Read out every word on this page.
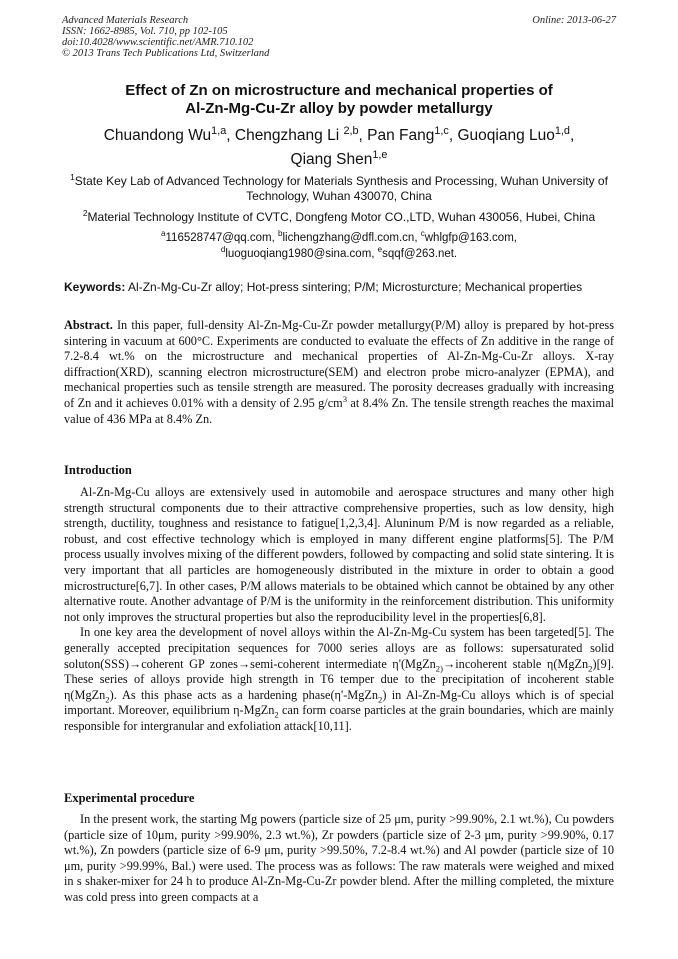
Advanced Materials Research
ISSN: 1662-8985, Vol. 710, pp 102-105
doi:10.4028/www.scientific.net/AMR.710.102
© 2013 Trans Tech Publications Ltd, Switzerland
Online: 2013-06-27
Effect of Zn on microstructure and mechanical properties of
Al-Zn-Mg-Cu-Zr alloy by powder metallurgy
Chuandong Wu$^{1,a}$, Chengzhang Li $^{2,b}$, Pan Fang$^{1,c}$, Guoqiang Luo$^{1,d}$,
Qiang Shen$^{1,e}$
$^1$State Key Lab of Advanced Technology for Materials Synthesis and Processing, Wuhan University of Technology, Wuhan 430070, China
$^2$Material Technology Institute of CVTC, Dongfeng Motor CO.,LTD, Wuhan 430056, Hubei, China
$^a$116528747@qq.com, $^b$lichengzhang@dfl.com.cn, $^c$whlgfp@163.com,
$^d$luoguoqiang1980@sina.com, $^e$sqqf@263.net.
Keywords: Al-Zn-Mg-Cu-Zr alloy; Hot-press sintering; P/M; Microsturcture; Mechanical properties

Abstract. In this paper, full-density Al-Zn-Mg-Cu-Zr powder metallurgy(P/M) alloy is prepared by hot-press sintering in vacuum at 600°C. Experiments are conducted to evaluate the effects of Zn additive in the range of 7.2-8.4 wt.% on the microstructure and mechanical properties of Al-Zn-Mg-Cu-Zr alloys. X-ray diffraction(XRD), scanning electron microstructure(SEM) and electron probe micro-analyzer (EPMA), and mechanical properties such as tensile strength are measured. The porosity decreases gradually with increasing of Zn and it achieves 0.01% with a density of 2.95 $g/cm^3$ at 8.4% Zn. The tensile strength reaches the maximal value of 436 MPa at 8.4% Zn.

Introduction

Al-Zn-Mg-Cu alloys are extensively used in automobile and aerospace structures and many other high strength structural components due to their attractive comprehensive properties, such as low density, high strength, ductility, toughness and resistance to fatigue[1,2,3,4]. Aluninum P/M is now regarded as a reliable, robust, and cost effective technology which is employed in many different engine platforms[5]. The P/M process usually involves mixing of the different powders, followed by compacting and solid state sintering. It is very important that all particles are homogeneously distributed in the mixture in order to obtain a good microstructure[6,7]. In other cases, P/M allows materials to be obtained which cannot be obtained by any other alternative route. Another advantage of P/M is the uniformity in the reinforcement distribution. This uniformity not only improves the structural properties but also the reproducibility level in the properties[6,8].

In one key area the development of novel alloys within the Al-Zn-Mg-Cu system has been targeted[5]. The generally accepted precipitation sequences for 7000 series alloys are as follows: supersaturated solid soluton(SSS)→coherent GP zones→semi-coherent intermediate η'(MgZn$_{2)}$→incoherent stable η(MgZn$_2$)[9]. These series of alloys provide high strength in T6 temper due to the precipitation of incoherent stable η(MgZn$_2$). As this phase acts as a hardening phase(η'-MgZn$_2$) in Al-Zn-Mg-Cu alloys which is of special important. Moreover, equilibrium η-MgZn$_2$ can form coarse particles at the grain boundaries, which are mainly responsible for intergranular and exfoliation attack[10,11].

Experimental procedure

In the present work, the starting Mg powers (particle size of 25 μm, purity >99.90%, 2.1 wt.%), Cu powders (particle size of 10μm, purity >99.90%, 2.3 wt.%), Zr powders (particle size of 2-3 μm, purity >99.90%, 0.17 wt.%), Zn powders (particle size of 6-9 μm, purity >99.50%, 7.2-8.4 wt.%) and Al powder (particle size of 10 μm, purity >99.99%, Bal.) were used. The process was as follows: The raw materals were weighed and mixed in s shaker-mixer for 24 h to produce Al-Zn-Mg-Cu-Zr powder blend. After the milling completed, the mixture was cold press into green compacts at a
